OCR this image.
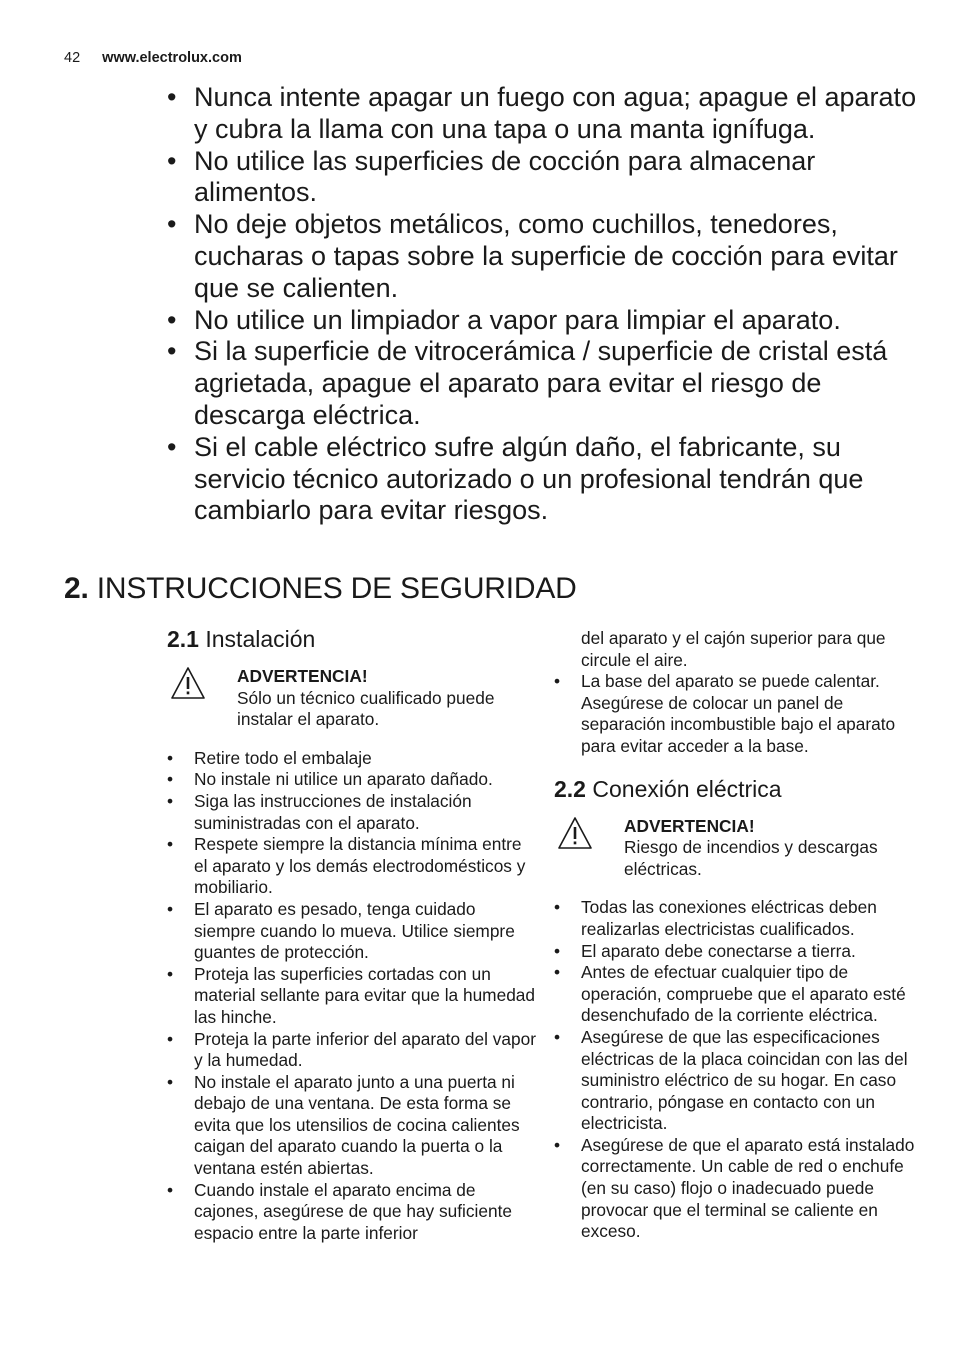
42 www.electrolux.com
• Nunca intente apagar un fuego con agua; apague el aparato y cubra la llama con una tapa o una manta ignífuga.
• No utilice las superficies de cocción para almacenar alimentos.
• No deje objetos metálicos, como cuchillos, tenedores, cucharas o tapas sobre la superficie de cocción para evitar que se calienten.
• No utilice un limpiador a vapor para limpiar el aparato.
• Si la superficie de vitrocerámica / superficie de cristal está agrietada, apague el aparato para evitar el riesgo de descarga eléctrica.
• Si el cable eléctrico sufre algún daño, el fabricante, su servicio técnico autorizado o un profesional tendrán que cambiarlo para evitar riesgos.
2. INSTRUCCIONES DE SEGURIDAD
2.1 Instalación
ADVERTENCIA!
Sólo un técnico cualificado puede instalar el aparato.
• Retire todo el embalaje
• No instale ni utilice un aparato dañado.
• Siga las instrucciones de instalación suministradas con el aparato.
• Respete siempre la distancia mínima entre el aparato y los demás electrodomésticos y mobiliario.
• El aparato es pesado, tenga cuidado siempre cuando lo mueva. Utilice siempre guantes de protección.
• Proteja las superficies cortadas con un material sellante para evitar que la humedad las hinche.
• Proteja la parte inferior del aparato del vapor y la humedad.
• No instale el aparato junto a una puerta ni debajo de una ventana. De esta forma se evita que los utensilios de cocina calientes caigan del aparato cuando la puerta o la ventana estén abiertas.
• Cuando instale el aparato encima de cajones, asegúrese de que hay suficiente espacio entre la parte inferior

del aparato y el cajón superior para que circule el aire.

• La base del aparato se puede calentar. Asegúrese de colocar un panel de separación incombustible bajo el aparato para evitar acceder a la base.
2.2 Conexión eléctrica
ADVERTENCIA!
Riesgo de incendios y descargas eléctricas.
• Todas las conexiones eléctricas deben realizarlas electricistas cualificados.
• El aparato debe conectarse a tierra.
• Antes de efectuar cualquier tipo de operación, compruebe que el aparato esté desenchufado de la corriente eléctrica.
• Asegúrese de que las especificaciones eléctricas de la placa coincidan con las del suministro eléctrico de su hogar. En caso contrario, póngase en contacto con un electricista.
• Asegúrese de que el aparato está instalado correctamente. Un cable de red o enchufe (en su caso) flojo o inadecuado puede provocar que el terminal se caliente en exceso.
